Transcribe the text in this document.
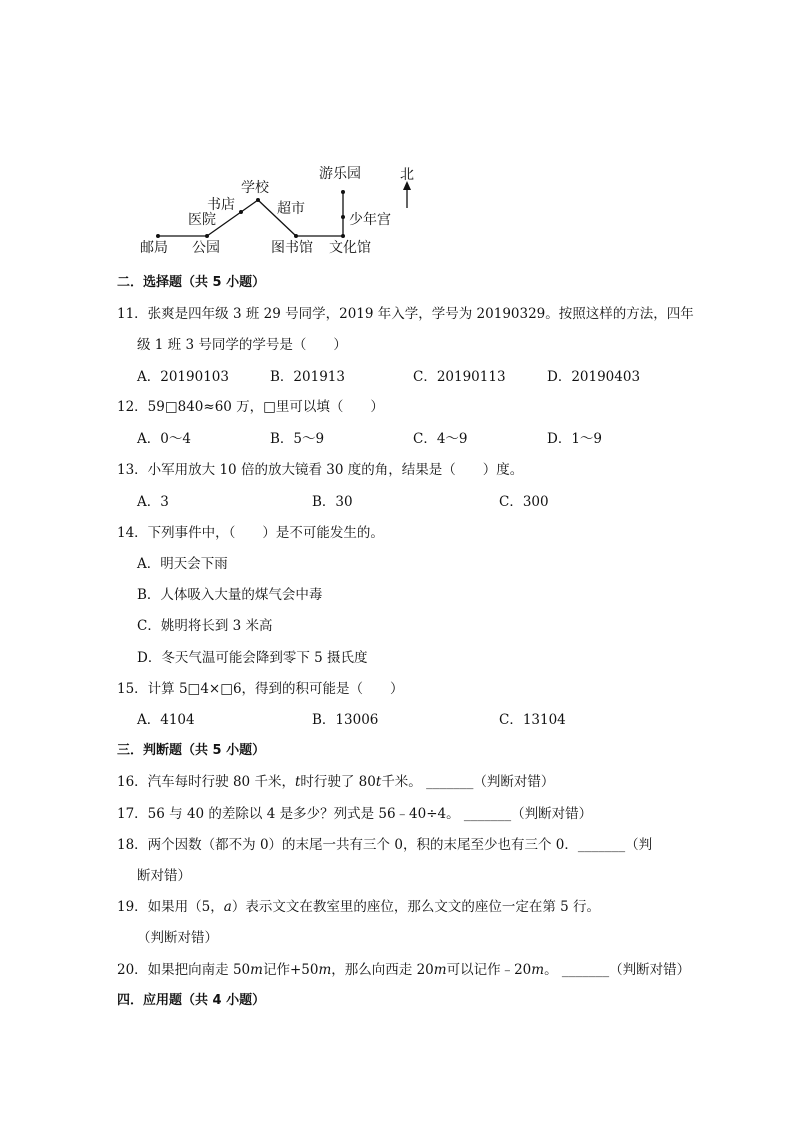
邮局 公园
医院
书店
学校
超市
图书馆 文化馆
少年宫
游乐园	北
二．选择题（共 5 小题）
11．张爽是四年级 3 班 29 号同学，2019 年入学，学号为 20190329。按照这样的方法，四年
级 1 班 3 号同学的学号是（　　）
A．20190103	B．201913	C．20190113	D．20190403
12．59□840≈60 万，□里可以填（　　）
A．0～4	B．5～9	C．4～9	D．1～9
13．小军用放大 10 倍的放大镜看 30 度的角，结果是（　　）度。
A．3	B．30	C．300
14．下列事件中，（　　）是不可能发生的。
A．明天会下雨
B．人体吸入大量的煤气会中毒
C．姚明将长到 3 米高
D．冬天气温可能会降到零下 5 摄氏度
15．计算 5□4×□6，得到的积可能是（　　）
A．4104	B．13006	C．13104
三．判断题（共 5 小题）
16．汽车每时行驶 80 千米，t时行驶了 80t千米。 _______（判断对错）
17．56 与 40 的差除以 4 是多少？列式是 56﹣40÷4。 _______（判断对错）
18．两个因数（都不为 0）的末尾一共有三个 0，积的末尾至少也有三个 0．_______（判
断对错）
19．如果用（5，a）表示文文在教室里的座位，那么文文的座位一定在第 5 行。
（判断对错）
20．如果把向南走 50m记作+50m，那么向西走 20m可以记作﹣20m。 _______（判断对错）
四．应用题（共 4 小题）
